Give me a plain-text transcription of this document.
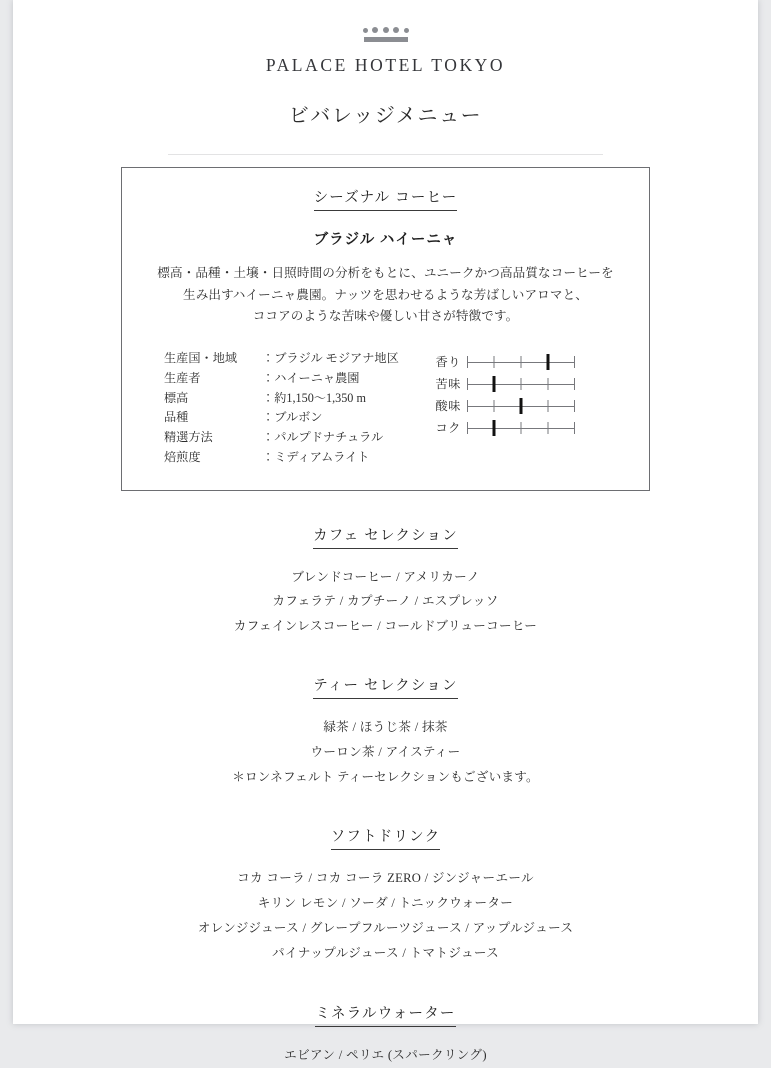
PALACE HOTEL TOKYO
ビバレッジメニュー
シーズナル コーヒー
ブラジル ハイーニャ
標高・品種・土壌・日照時間の分析をもとに、ユニークかつ高品質なコーヒーを
生み出すハイーニャ農園。ナッツを思わせるような芳ばしいアロマと、
ココアのような苦味や優しい甘さが特徴です。
生産国・地域	： ブラジル モジアナ地区
生産者	： ハイーニャ農園
標高	： 約1,150〜1,350 m
品種	： ブルボン
精選方法	： パルプドナチュラル
焙煎度	： ミディアムライト
香り
苦味
酸味
コク
カフェ セレクション
ブレンドコーヒー / アメリカーノ
カフェラテ / カプチーノ / エスプレッソ
カフェインレスコーヒー / コールドブリューコーヒー
ティー セレクション
緑茶 / ほうじ茶 / 抹茶
ウーロン茶 / アイスティー
＊ロンネフェルト ティーセレクションもございます。
ソフトドリンク
コカ コーラ / コカ コーラ ZERO / ジンジャーエール
キリン レモン / ソーダ / トニックウォーター
オレンジジュース / グレープフルーツジュース / アップルジュース
パイナップルジュース / トマトジュース
ミネラルウォーター
エビアン / ペリエ (スパークリング)
